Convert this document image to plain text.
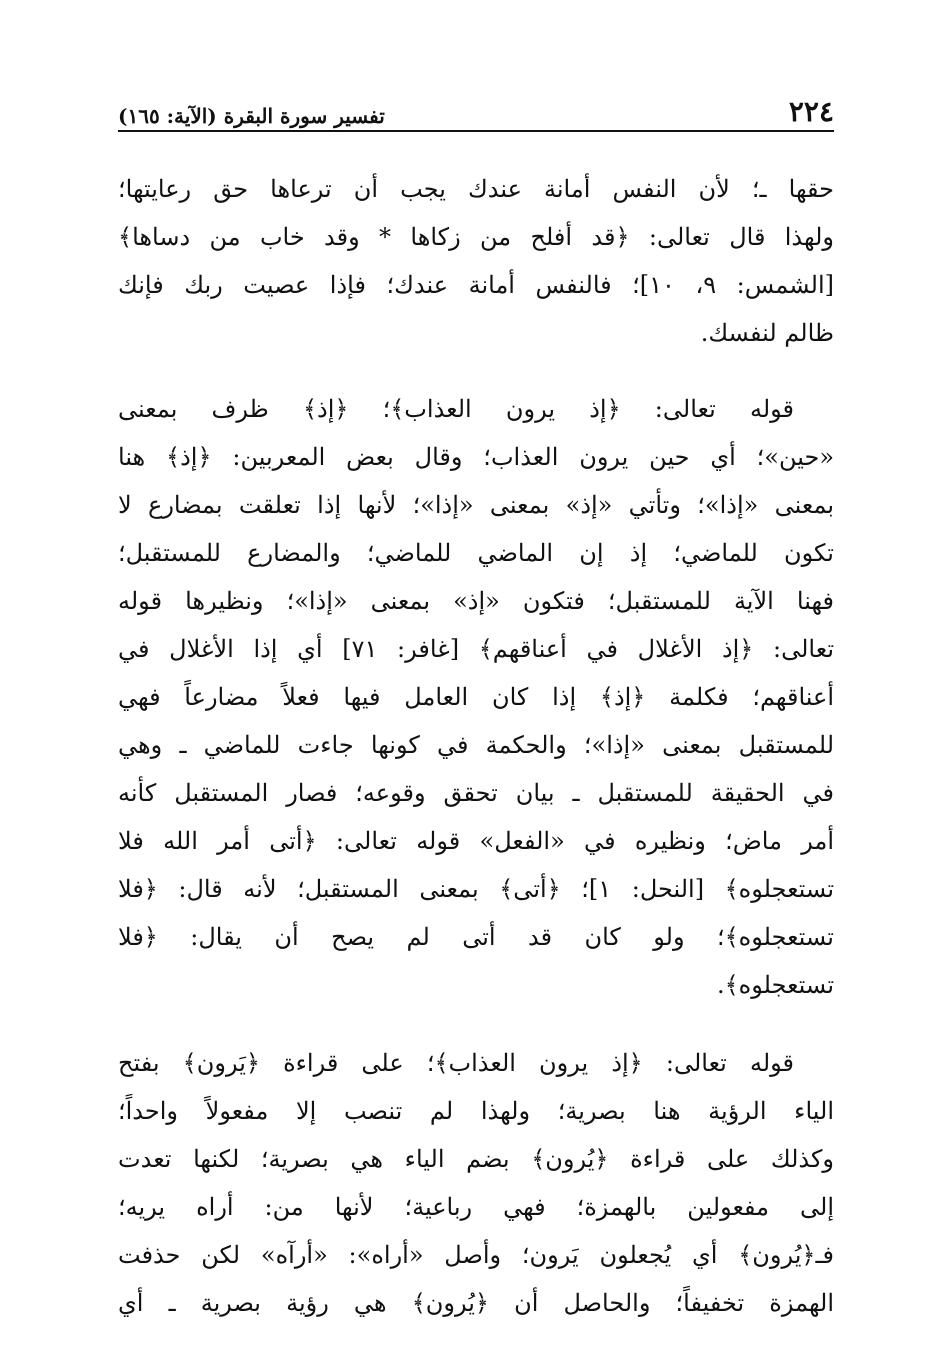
٢٢٤
تفسير سورة البقرة (الآية: ١٦٥)
حقها ـ؛ لأن النفس أمانة عندك يجب أن ترعاها حق رعايتها؛
ولهذا قال تعالى: ﴿قد أفلح من زكاها * وقد خاب من دساها﴾
[الشمس: ٩، ١٠]؛ فالنفس أمانة عندك؛ فإذا عصيت ربك فإنك
ظالم لنفسك.
قوله تعالى: ﴿إذ يرون العذاب﴾؛ ﴿إذ﴾ ظرف بمعنى
«حين»؛ أي حين يرون العذاب؛ وقال بعض المعربين: ﴿إذ﴾ هنا
بمعنى «إذا»؛ وتأتي «إذ» بمعنى «إذا»؛ لأنها إذا تعلقت بمضارع لا
تكون للماضي؛ إذ إن الماضي للماضي؛ والمضارع للمستقبل؛
فهنا الآية للمستقبل؛ فتكون «إذ» بمعنى «إذا»؛ ونظيرها قوله
تعالى: ﴿إذ الأغلال في أعناقهم﴾ [غافر: ٧١] أي إذا الأغلال في
أعناقهم؛ فكلمة ﴿إذ﴾ إذا كان العامل فيها فعلاً مضارعاً فهي
للمستقبل بمعنى «إذا»؛ والحكمة في كونها جاءت للماضي ـ وهي
في الحقيقة للمستقبل ـ بيان تحقق وقوعه؛ فصار المستقبل كأنه
أمر ماض؛ ونظيره في «الفعل» قوله تعالى: ﴿أتى أمر الله فلا
تستعجلوه﴾ [النحل: ١]؛ ﴿أتى﴾ بمعنى المستقبل؛ لأنه قال: ﴿فلا
تستعجلوه﴾؛ ولو كان قد أتى لم يصح أن يقال: ﴿فلا
تستعجلوه﴾.
قوله تعالى: ﴿إذ يرون العذاب﴾؛ على قراءة ﴿يَرون﴾ بفتح
الياء الرؤية هنا بصرية؛ ولهذا لم تنصب إلا مفعولاً واحداً؛
وكذلك على قراءة ﴿يُرون﴾ بضم الياء هي بصرية؛ لكنها تعدت
إلى مفعولين بالهمزة؛ فهي رباعية؛ لأنها من: أراه يريه؛
فـ﴿يُرون﴾ أي يُجعلون يَرون؛ وأصل «أراه»: «أرآه» لكن حذفت
الهمزة تخفيفاً؛ والحاصل أن ﴿يُرون﴾ هي رؤية بصرية ـ أي
